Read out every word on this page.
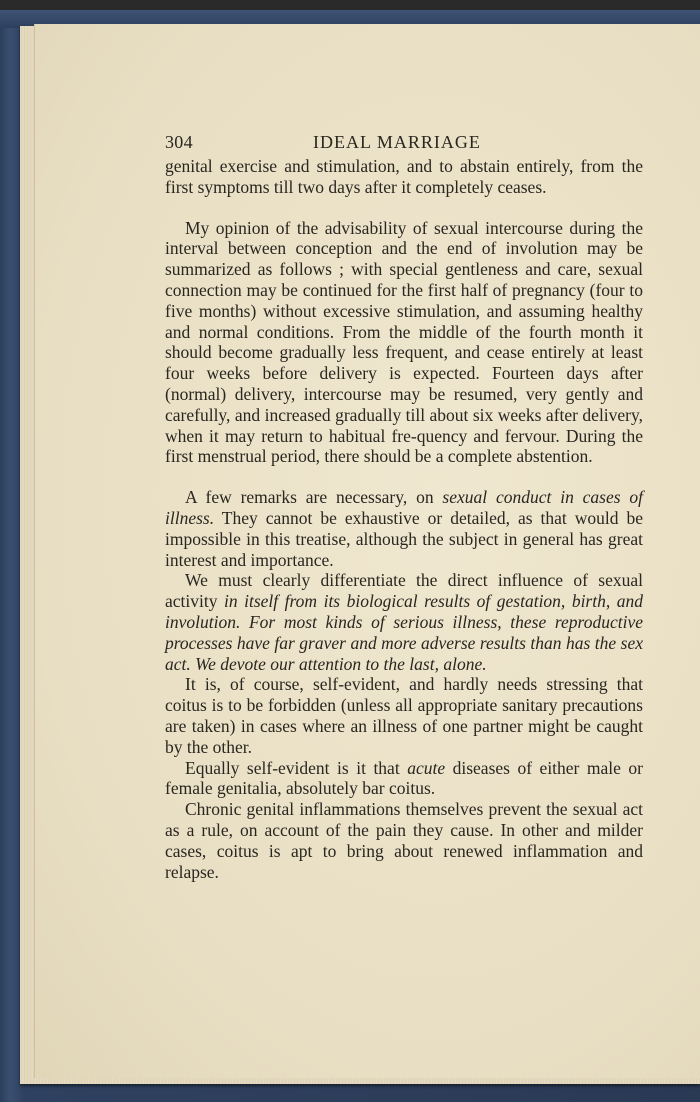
304	IDEAL MARRIAGE

genital exercise and stimulation, and to abstain entirely, from the first symptoms till two days after it completely ceases.

My opinion of the advisability of sexual intercourse during the interval between conception and the end of involution may be summarized as follows ; with special gentleness and care, sexual connection may be continued for the first half of pregnancy (four to five months) without excessive stimulation, and assuming healthy and normal conditions. From the middle of the fourth month it should become gradually less frequent, and cease entirely at least four weeks before delivery is expected. Fourteen days after (normal) delivery, intercourse may be resumed, very gently and carefully, and increased gradually till about six weeks after delivery, when it may return to habitual fre-quency and fervour. During the first menstrual period, there should be a complete abstention.

A few remarks are necessary, on sexual conduct in cases of illness. They cannot be exhaustive or detailed, as that would be impossible in this treatise, although the subject in general has great interest and importance.

We must clearly differentiate the direct influence of sexual activity in itself from its biological results of gestation, birth, and involution. For most kinds of serious illness, these reproductive processes have far graver and more adverse results than has the sex act. We devote our attention to the last, alone.

It is, of course, self-evident, and hardly needs stressing that coitus is to be forbidden (unless all appropriate sanitary precautions are taken) in cases where an illness of one partner might be caught by the other.

Equally self-evident is it that acute diseases of either male or female genitalia, absolutely bar coitus.

Chronic genital inflammations themselves prevent the sexual act as a rule, on account of the pain they cause. In other and milder cases, coitus is apt to bring about renewed inflammation and relapse.
